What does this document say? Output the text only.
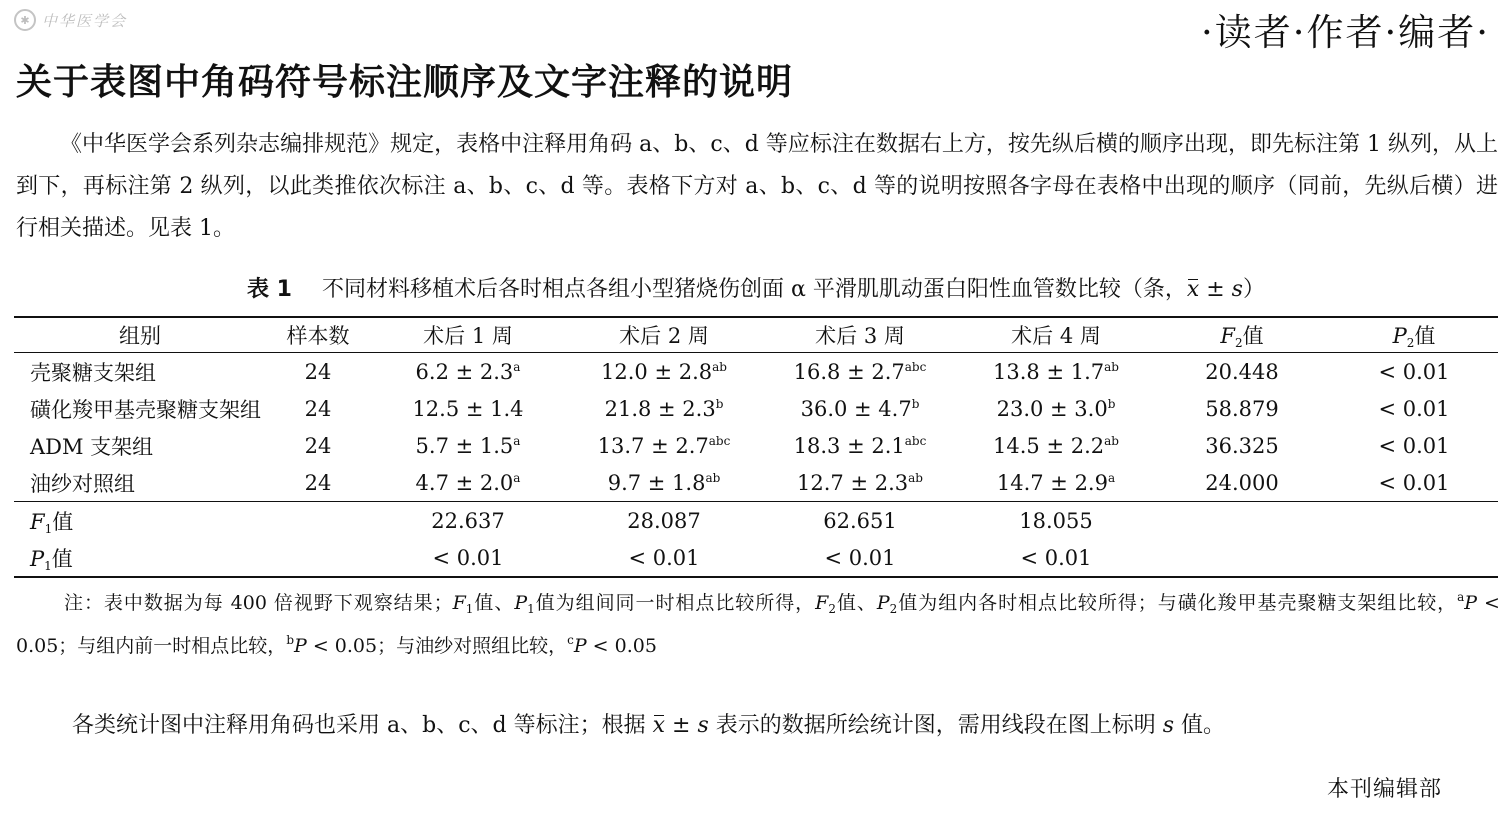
✱ 中华医学会	·读者·作者·编者·
关于表图中角码符号标注顺序及文字注释的说明

《中华医学会系列杂志编排规范》规定，表格中注释用角码 a、b、c、d 等应标注在数据右上方，按先纵后横的顺序出现，即先标注第 1 纵列，从上到下，再标注第 2 纵列，以此类推依次标注 a、b、c、d 等。表格下方对 a、b、c、d 等的说明按照各字母在表格中出现的顺序（同前，先纵后横）进行相关描述。见表 1。

表 1 不同材料移植术后各时相点各组小型猪烧伤创面 α 平滑肌肌动蛋白阳性血管数比较（条，x ± s）
组别	样本数	术后 1 周	术后 2 周	术后 3 周	术后 4 周	$F_2$值	$P_2$值
壳聚糖支架组	24	6.2 ± 2.3$^a$	12.0 ± 2.8$^{ab}$	16.8 ± 2.7$^{abc}$	13.8 ± 1.7$^{ab}$	20.448	< 0.01
磺化羧甲基壳聚糖支架组	24	12.5 ± 1.4	21.8 ± 2.3$^b$	36.0 ± 4.7$^b$	23.0 ± 3.0$^b$	58.879	< 0.01
ADM 支架组	24	5.7 ± 1.5$^a$	13.7 ± 2.7$^{abc}$	18.3 ± 2.1$^{abc}$	14.5 ± 2.2$^{ab}$	36.325	< 0.01
油纱对照组	24	4.7 ± 2.0$^a$	9.7 ± 1.8$^{ab}$	12.7 ± 2.3$^{ab}$	14.7 ± 2.9$^a$	24.000	< 0.01
$F_1$值		22.637	28.087	62.651	18.055		
$P_1$值		< 0.01	< 0.01	< 0.01	< 0.01		

注：表中数据为每 400 倍视野下观察结果；$F_1$值、$P_1$值为组间同一时相点比较所得，$F_2$值、$P_2$值为组内各时相点比较所得；与磺化羧甲基壳聚糖支架组比较，$^a$P < 0.05；与组内前一时相点比较，$^b$P < 0.05；与油纱对照组比较，$^c$P < 0.05

各类统计图中注释用角码也采用 a、b、c、d 等标注；根据 x ± s 表示的数据所绘统计图，需用线段在图上标明 s 值。
本刊编辑部
